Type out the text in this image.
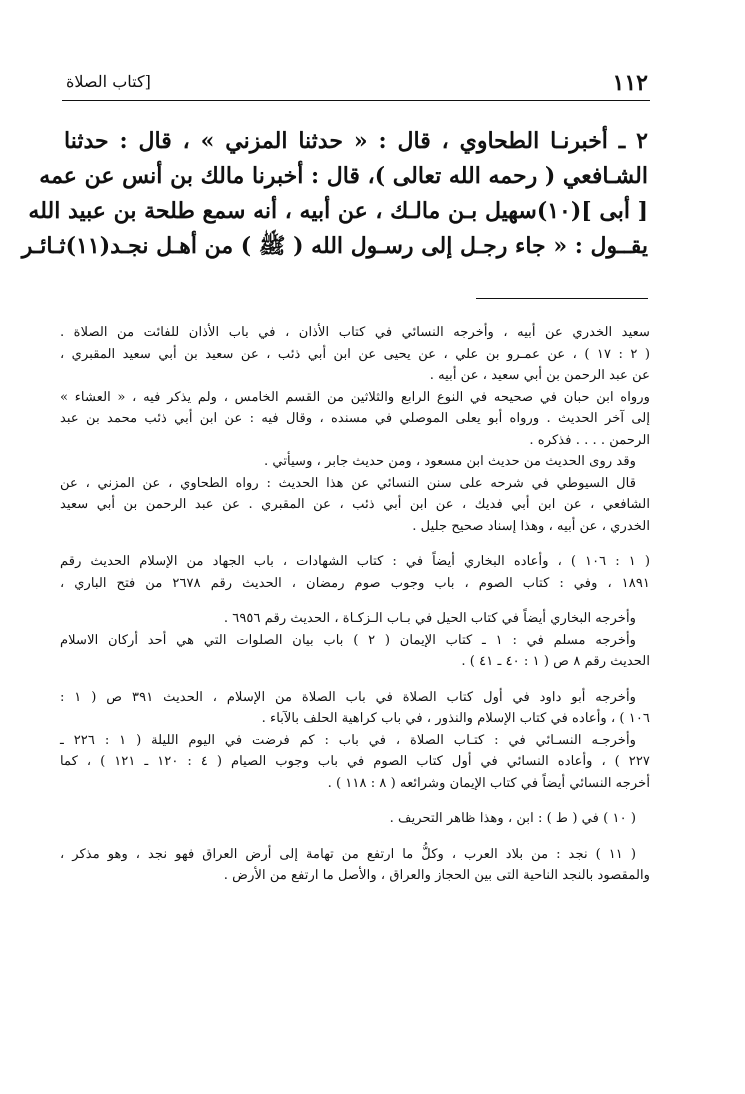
١١٢
[كتاب الصلاة
٢ ـ أخبرنـا الطحاوي ، قال : « حدثنا المزني » ، قال : حدثنا
الشـافعي ( رحمه الله تعالى )، قال : أخبرنا مالك بن أنس عن عمه
[ أبى ](١٠)سهيل بـن مالـك ، عن أبيه ، أنه سمع طلحة بن عبيد الله
يقــول : « جاء رجـل إلى رسـول الله ( ﷺ ) من أهـل نجـد(١١)ثـائـر
سعيد الخدري عن أبيه ، وأخرجه النسائي في كتاب الأذان ، في باب الأذان للفائت من الصلاة .
( ٢ : ١٧ ) ، عن عمـرو بن علي ، عن يحيى عن ابن أبي ذئب ، عن سعيد بن أبي سعيد المقبري ،
عن عبد الرحمن بن أبي سعيد ، عن أبيه .
ورواه ابن حبان في صحيحه في النوع الرابع والثلاثين من القسم الخامس ، ولم يذكر فيه ، « العشاء »
إلى آخر الحديث . ورواه أبو يعلى الموصلي في مسنده ، وقال فيه : عن ابن أبي ذئب محمد بن عبد
الرحمن . . . . فذكره .
وقد روى الحديث من حديث ابن مسعود ، ومن حديث جابر ، وسيأتي .
قال السيوطي في شرحه على سنن النسائي عن هذا الحديث : رواه الطحاوي ، عن المزني ، عن
الشافعي ، عن ابن أبي فديك ، عن ابن أبي ذئب ، عن المقبري . عن عبد الرحمن بن أبي سعيد
الخدري ، عن أبيه ، وهذا إسناد صحيح جليل .
( ١ : ١٠٦ ) ، وأعاده البخاري أيضاً في : كتاب الشهادات ، باب الجهاد من الإسلام الحديث رقم
١٨٩١ ، وفي : كتاب الصوم ، باب وجوب صوم رمضان ، الحديث رقم ٢٦٧٨ من فتح الباري ،
وأخرجه البخاري أيضاً في كتاب الحيل في بـاب الـزكـاة ، الحديث رقم ٦٩٥٦ .
وأخرجه مسلم في : ١ ـ كتاب الإيمان ( ٢ ) باب بيان الصلوات التي هي أحد أركان الاسلام
الحديث رقم ٨ ص ( ١ : ٤٠ ـ ٤١ ) .
وأخرجه أبو داود في أول كتاب الصلاة في باب الصلاة من الإسلام ، الحديث ٣٩١ ص ( ١ :
١٠٦ ) ، وأعاده في كتاب الإسلام والنذور ، في باب كراهية الحلف بالآباء .
وأخرجـه النسـائي في : كتـاب الصلاة ، في باب : كم فرضت في اليوم الليلة ( ١ : ٢٢٦ ـ
٢٢٧ ) ، وأعاده النسائي في أول كتاب الصوم في باب وجوب الصيام ( ٤ : ١٢٠ ـ ١٢١ ) ، كما
أخرجه النسائي أيضاً في كتاب الإيمان وشرائعه ( ٨ : ١١٨ ) .
( ١٠ ) في ( ط ) : ابن ، وهذا ظاهر التحريف .
( ١١ ) نجد : من بلاد العرب ، وكلُّ ما ارتفع من تهامة إلى أرض العراق فهو نجد ، وهو مذكر ،
والمقصود بالنجد الناحية التى بين الحجاز والعراق ، والأصل ما ارتفع من الأرض .
